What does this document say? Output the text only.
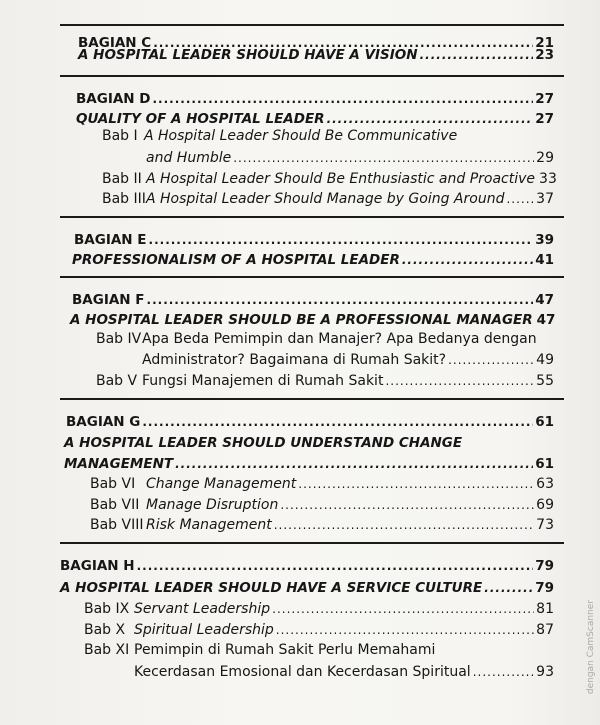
BAGIAN C .....	21
A HOSPITAL LEADER SHOULD HAVE A VISION .....	23
BAGIAN D .....	27
QUALITY OF A HOSPITAL LEADER .....	27
Bab I A Hospital Leader Should Be Communicative
and Humble .....	29
Bab II A Hospital Leader Should Be Enthusiastic and Proactive 33
Bab III A Hospital Leader Should Manage by Going Around ..... 37
BAGIAN E .....	39
PROFESSIONALISM OF A HOSPITAL LEADER .....	41
BAGIAN F .....	47
A HOSPITAL LEADER SHOULD BE A PROFESSIONAL MANAGER 47
Bab IV Apa Beda Pemimpin dan Manajer? Apa Bedanya dengan
Administrator? Bagaimana di Rumah Sakit? .....	49
Bab V Fungsi Manajemen di Rumah Sakit .....	55
BAGIAN G .....	61
A HOSPITAL LEADER SHOULD UNDERSTAND CHANGE
MANAGEMENT .....	61
Bab VI Change Management .....	63
Bab VII Manage Disruption .....	69
Bab VIII Risk Management .....	73
BAGIAN H .....	79
A HOSPITAL LEADER SHOULD HAVE A SERVICE CULTURE .....	79
Bab IX Servant Leadership .....	81
Bab X Spiritual Leadership .....	87
Bab XI Pemimpin di Rumah Sakit Perlu Memahami
Kecerdasan Emosional dan Kecerdasan Spiritual .....	93	dengan CamScanner
